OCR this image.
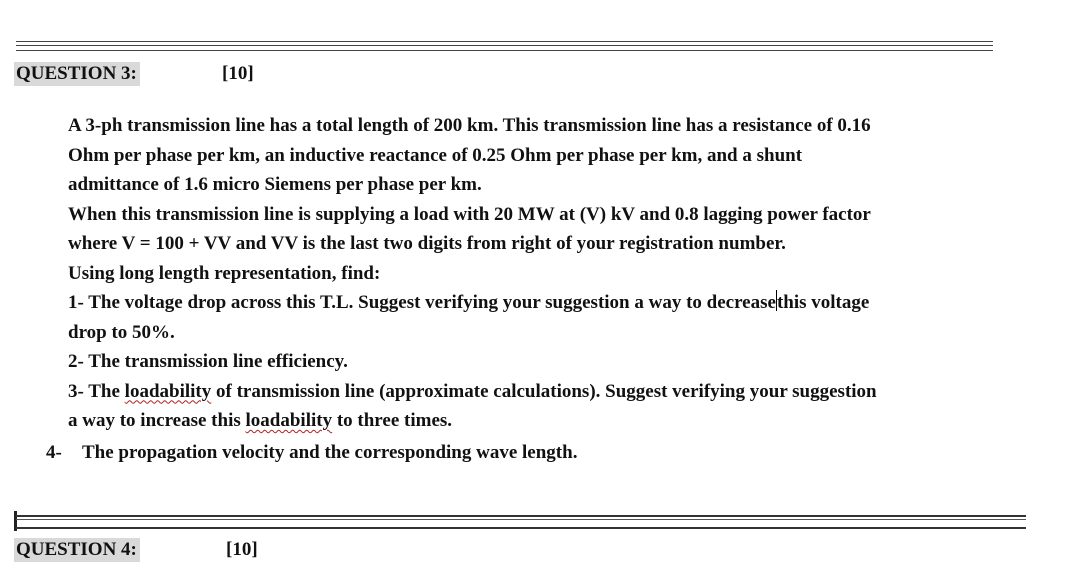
QUESTION 3:	[10]
A 3-ph transmission line has a total length of 200 km. This transmission line has a resistance of 0.16
Ohm per phase per km, an inductive reactance of 0.25 Ohm per phase per km, and a shunt
admittance of 1.6 micro Siemens per phase per km.
When this transmission line is supplying a load with 20 MW at (V) kV and 0.8 lagging power factor
where V = 100 + VV and VV is the last two digits from right of your registration number.
Using long length representation, find:
1- The voltage drop across this T.L. Suggest verifying your suggestion a way to decreasethis voltage
drop to 50%.
2- The transmission line efficiency.
3- The loadability of transmission line (approximate calculations). Suggest verifying your suggestion
a way to increase this loadability to three times.
4- The propagation velocity and the corresponding wave length.
QUESTION 4:	[10]
